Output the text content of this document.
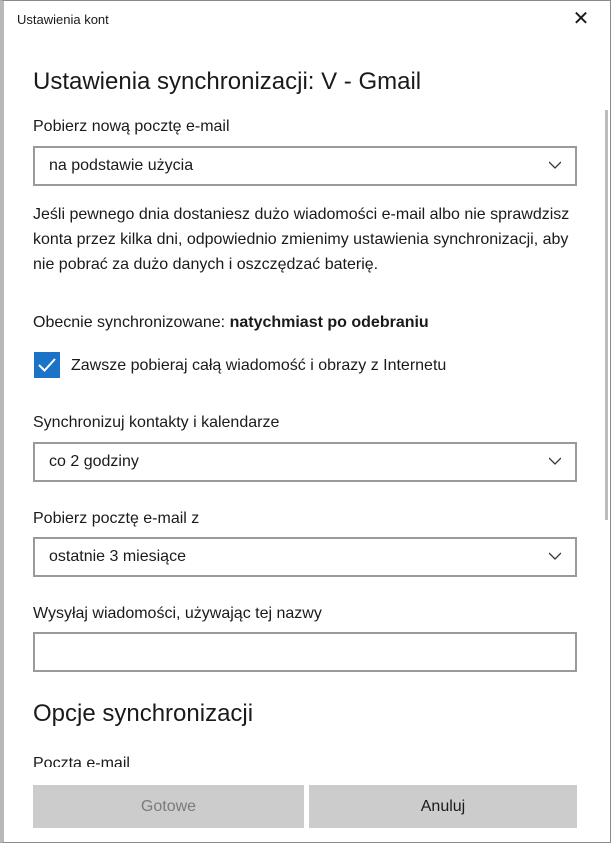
Ustawienia kont	✕
Ustawienia synchronizacji: V - Gmail
Pobierz nową pocztę e-mail
na podstawie użycia
Jeśli pewnego dnia dostaniesz dużo wiadomości e-mail albo nie sprawdzisz konta przez kilka dni, odpowiednio zmienimy ustawienia synchronizacji, aby nie pobrać za dużo danych i oszczędzać baterię.
Obecnie synchronizowane: natychmiast po odebraniu
Zawsze pobieraj całą wiadomość i obrazy z Internetu
Synchronizuj kontakty i kalendarze
co 2 godziny
Pobierz pocztę e-mail z
ostatnie 3 miesiące
Wysyłaj wiadomości, używając tej nazwy
Opcje synchronizacji
Poczta e-mail
Gotowe	Anuluj
